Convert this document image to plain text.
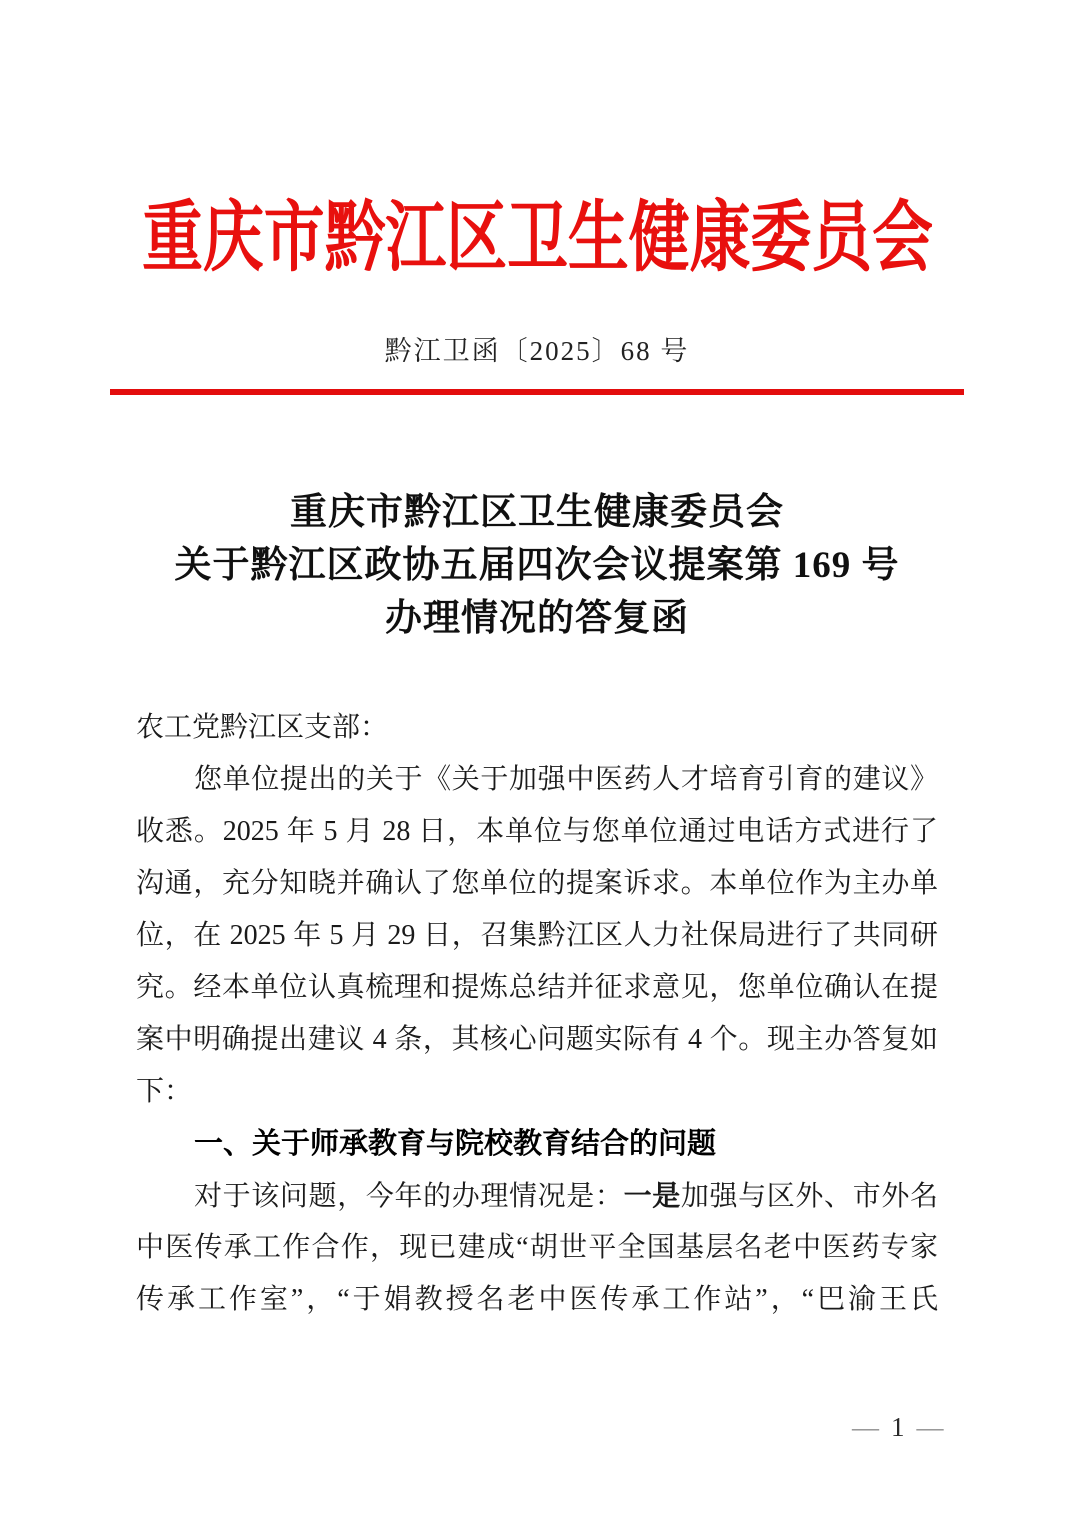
重庆市黔江区卫生健康委员会
黔江卫函〔2025〕68 号
重庆市黔江区卫生健康委员会
关于黔江区政协五届四次会议提案第 169 号
办理情况的答复函
农工党黔江区支部：
您单位提出的关于《关于加强中医药人才培育引育的建议》
收悉。2025 年 5 月 28 日，本单位与您单位通过电话方式进行了
沟通，充分知晓并确认了您单位的提案诉求。本单位作为主办单
位，在 2025 年 5 月 29 日，召集黔江区人力社保局进行了共同研
究。经本单位认真梳理和提炼总结并征求意见，您单位确认在提
案中明确提出建议 4 条，其核心问题实际有 4 个。现主办答复如
下：
一、关于师承教育与院校教育结合的问题
对于该问题，今年的办理情况是：一是加强与区外、市外名
中医传承工作合作，现已建成“胡世平全国基层名老中医药专家
传承工作室”，“于娟教授名老中医传承工作站”，“巴渝王氏
— 1 —
